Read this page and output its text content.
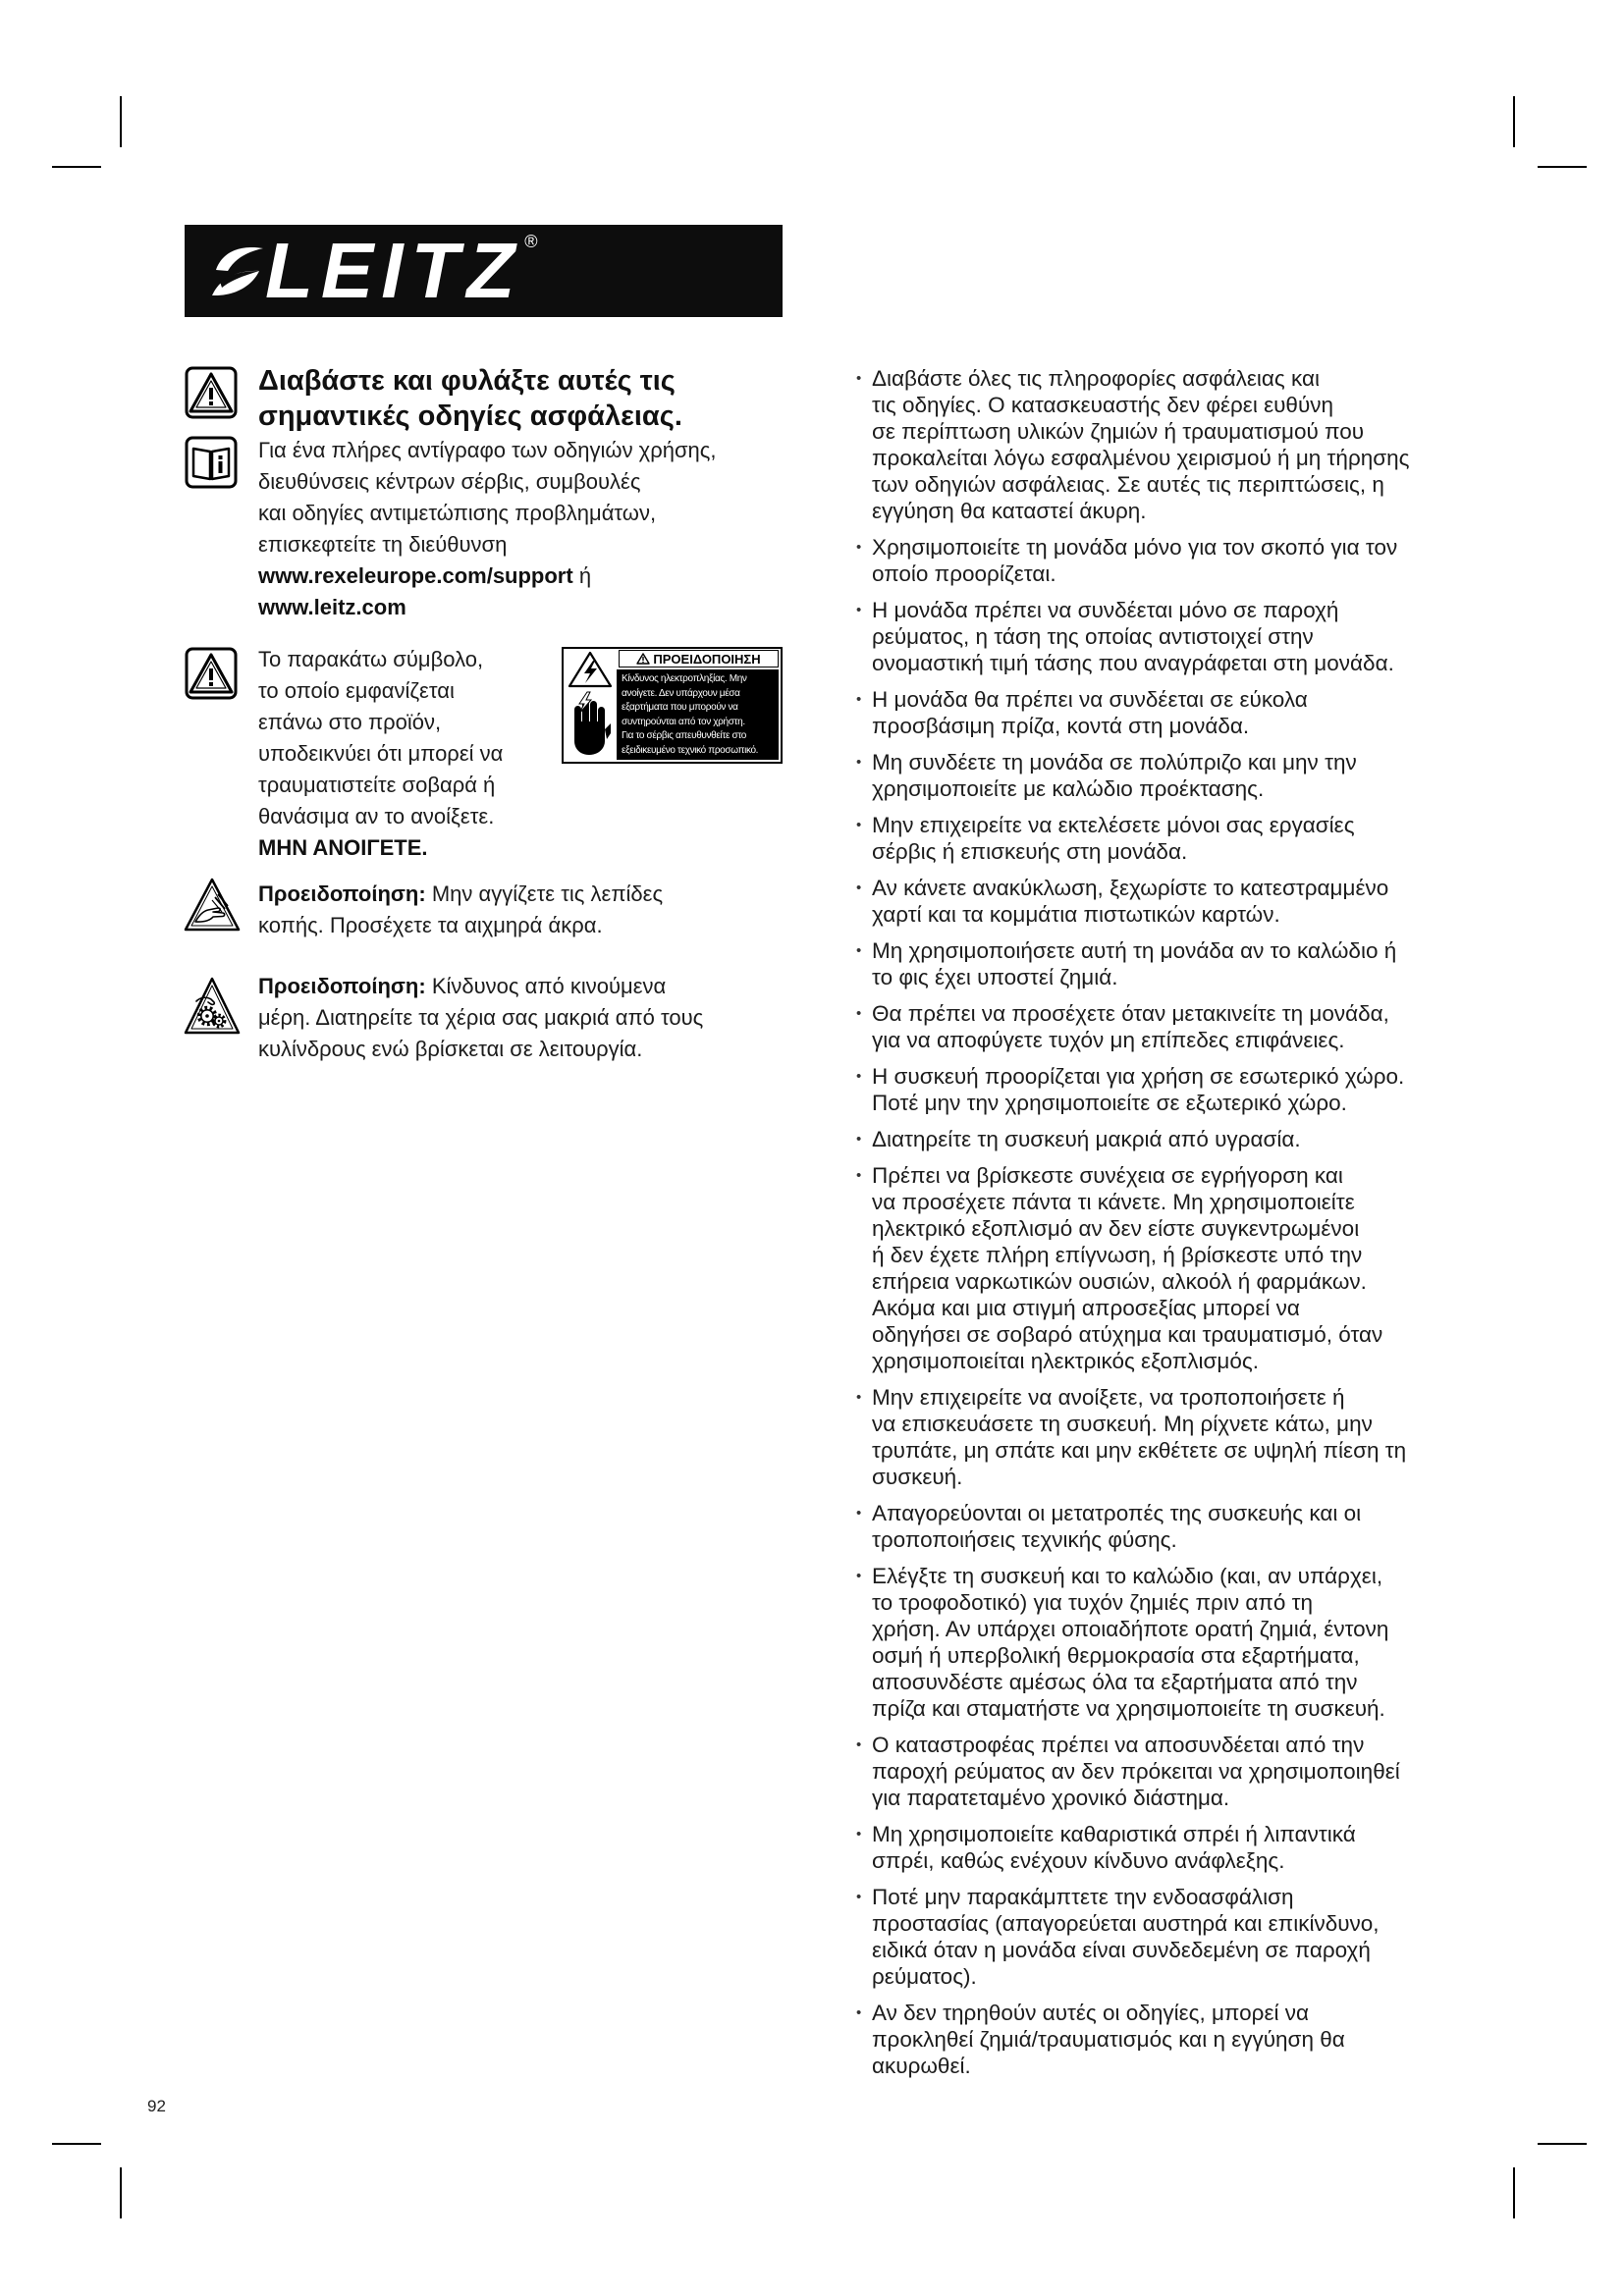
LEITZ ®
Διαβάστε και φυλάξτε αυτές τις
σημαντικές οδηγίες ασφάλειας.
Για ένα πλήρες αντίγραφο των οδηγιών χρήσης,
διευθύνσεις κέντρων σέρβις, συμβουλές
και οδηγίες αντιμετώπισης προβλημάτων,
επισκεφτείτε τη διεύθυνση
www.rexeleurope.com/support ή
www.leitz.com
Το παρακάτω σύμβολο,
το οποίο εμφανίζεται
επάνω στο προϊόν,
υποδεικνύει ότι μπορεί να
τραυματιστείτε σοβαρά ή
θανάσιμα αν το ανοίξετε.
ΜΗΝ ΑΝΟΙΓΕΤΕ.
ΠΡΟΕΙΔΟΠΟΙΗΣΗ
Κίνδυνος ηλεκτροπληξίας. Μην
ανοίγετε. Δεν υπάρχουν μέσα
εξαρτήματα που μπορούν να
συντηρούνται από τον χρήστη.
Για το σέρβις απευθυνθείτε στο
εξειδικευμένο τεχνικό προσωπικό.
Προειδοποίηση: Μην αγγίζετε τις λεπίδες
κοπής. Προσέχετε τα αιχμηρά άκρα.
Προειδοποίηση: Κίνδυνος από κινούμενα
μέρη. Διατηρείτε τα χέρια σας μακριά από τους
κυλίνδρους ενώ βρίσκεται σε λειτουργία.
• Διαβάστε όλες τις πληροφορίες ασφάλειας και
τις οδηγίες. Ο κατασκευαστής δεν φέρει ευθύνη
σε περίπτωση υλικών ζημιών ή τραυματισμού που
προκαλείται λόγω εσφαλμένου χειρισμού ή μη τήρησης
των οδηγιών ασφάλειας. Σε αυτές τις περιπτώσεις, η
εγγύηση θα καταστεί άκυρη.
• Χρησιμοποιείτε τη μονάδα μόνο για τον σκοπό για τον
οποίο προορίζεται.
• Η μονάδα πρέπει να συνδέεται μόνο σε παροχή
ρεύματος, η τάση της οποίας αντιστοιχεί στην
ονομαστική τιμή τάσης που αναγράφεται στη μονάδα.
• Η μονάδα θα πρέπει να συνδέεται σε εύκολα
προσβάσιμη πρίζα, κοντά στη μονάδα.
• Μη συνδέετε τη μονάδα σε πολύπριζο και μην την
χρησιμοποιείτε με καλώδιο προέκτασης.
• Μην επιχειρείτε να εκτελέσετε μόνοι σας εργασίες
σέρβις ή επισκευής στη μονάδα.
• Αν κάνετε ανακύκλωση, ξεχωρίστε το κατεστραμμένο
χαρτί και τα κομμάτια πιστωτικών καρτών.
• Μη χρησιμοποιήσετε αυτή τη μονάδα αν το καλώδιο ή
το φις έχει υποστεί ζημιά.
• Θα πρέπει να προσέχετε όταν μετακινείτε τη μονάδα,
για να αποφύγετε τυχόν μη επίπεδες επιφάνειες.
• Η συσκευή προορίζεται για χρήση σε εσωτερικό χώρο.
Ποτέ μην την χρησιμοποιείτε σε εξωτερικό χώρο.
• Διατηρείτε τη συσκευή μακριά από υγρασία.
• Πρέπει να βρίσκεστε συνέχεια σε εγρήγορση και
να προσέχετε πάντα τι κάνετε. Μη χρησιμοποιείτε
ηλεκτρικό εξοπλισμό αν δεν είστε συγκεντρωμένοι
ή δεν έχετε πλήρη επίγνωση, ή βρίσκεστε υπό την
επήρεια ναρκωτικών ουσιών, αλκοόλ ή φαρμάκων.
Ακόμα και μια στιγμή απροσεξίας μπορεί να
οδηγήσει σε σοβαρό ατύχημα και τραυματισμό, όταν
χρησιμοποιείται ηλεκτρικός εξοπλισμός.
• Μην επιχειρείτε να ανοίξετε, να τροποποιήσετε ή
να επισκευάσετε τη συσκευή. Μη ρίχνετε κάτω, μην
τρυπάτε, μη σπάτε και μην εκθέτετε σε υψηλή πίεση τη
συσκευή.
• Απαγορεύονται οι μετατροπές της συσκευής και οι
τροποποιήσεις τεχνικής φύσης.
• Ελέγξτε τη συσκευή και το καλώδιο (και, αν υπάρχει,
το τροφοδοτικό) για τυχόν ζημιές πριν από τη
χρήση. Αν υπάρχει οποιαδήποτε ορατή ζημιά, έντονη
οσμή ή υπερβολική θερμοκρασία στα εξαρτήματα,
αποσυνδέστε αμέσως όλα τα εξαρτήματα από την
πρίζα και σταματήστε να χρησιμοποιείτε τη συσκευή.
• Ο καταστροφέας πρέπει να αποσυνδέεται από την
παροχή ρεύματος αν δεν πρόκειται να χρησιμοποιηθεί
για παρατεταμένο χρονικό διάστημα.
• Μη χρησιμοποιείτε καθαριστικά σπρέι ή λιπαντικά
σπρέι, καθώς ενέχουν κίνδυνο ανάφλεξης.
• Ποτέ μην παρακάμπτετε την ενδοασφάλιση
προστασίας (απαγορεύεται αυστηρά και επικίνδυνο,
ειδικά όταν η μονάδα είναι συνδεδεμένη σε παροχή
ρεύματος).
• Αν δεν τηρηθούν αυτές οι οδηγίες, μπορεί να
προκληθεί ζημιά/τραυματισμός και η εγγύηση θα
ακυρωθεί.
92
